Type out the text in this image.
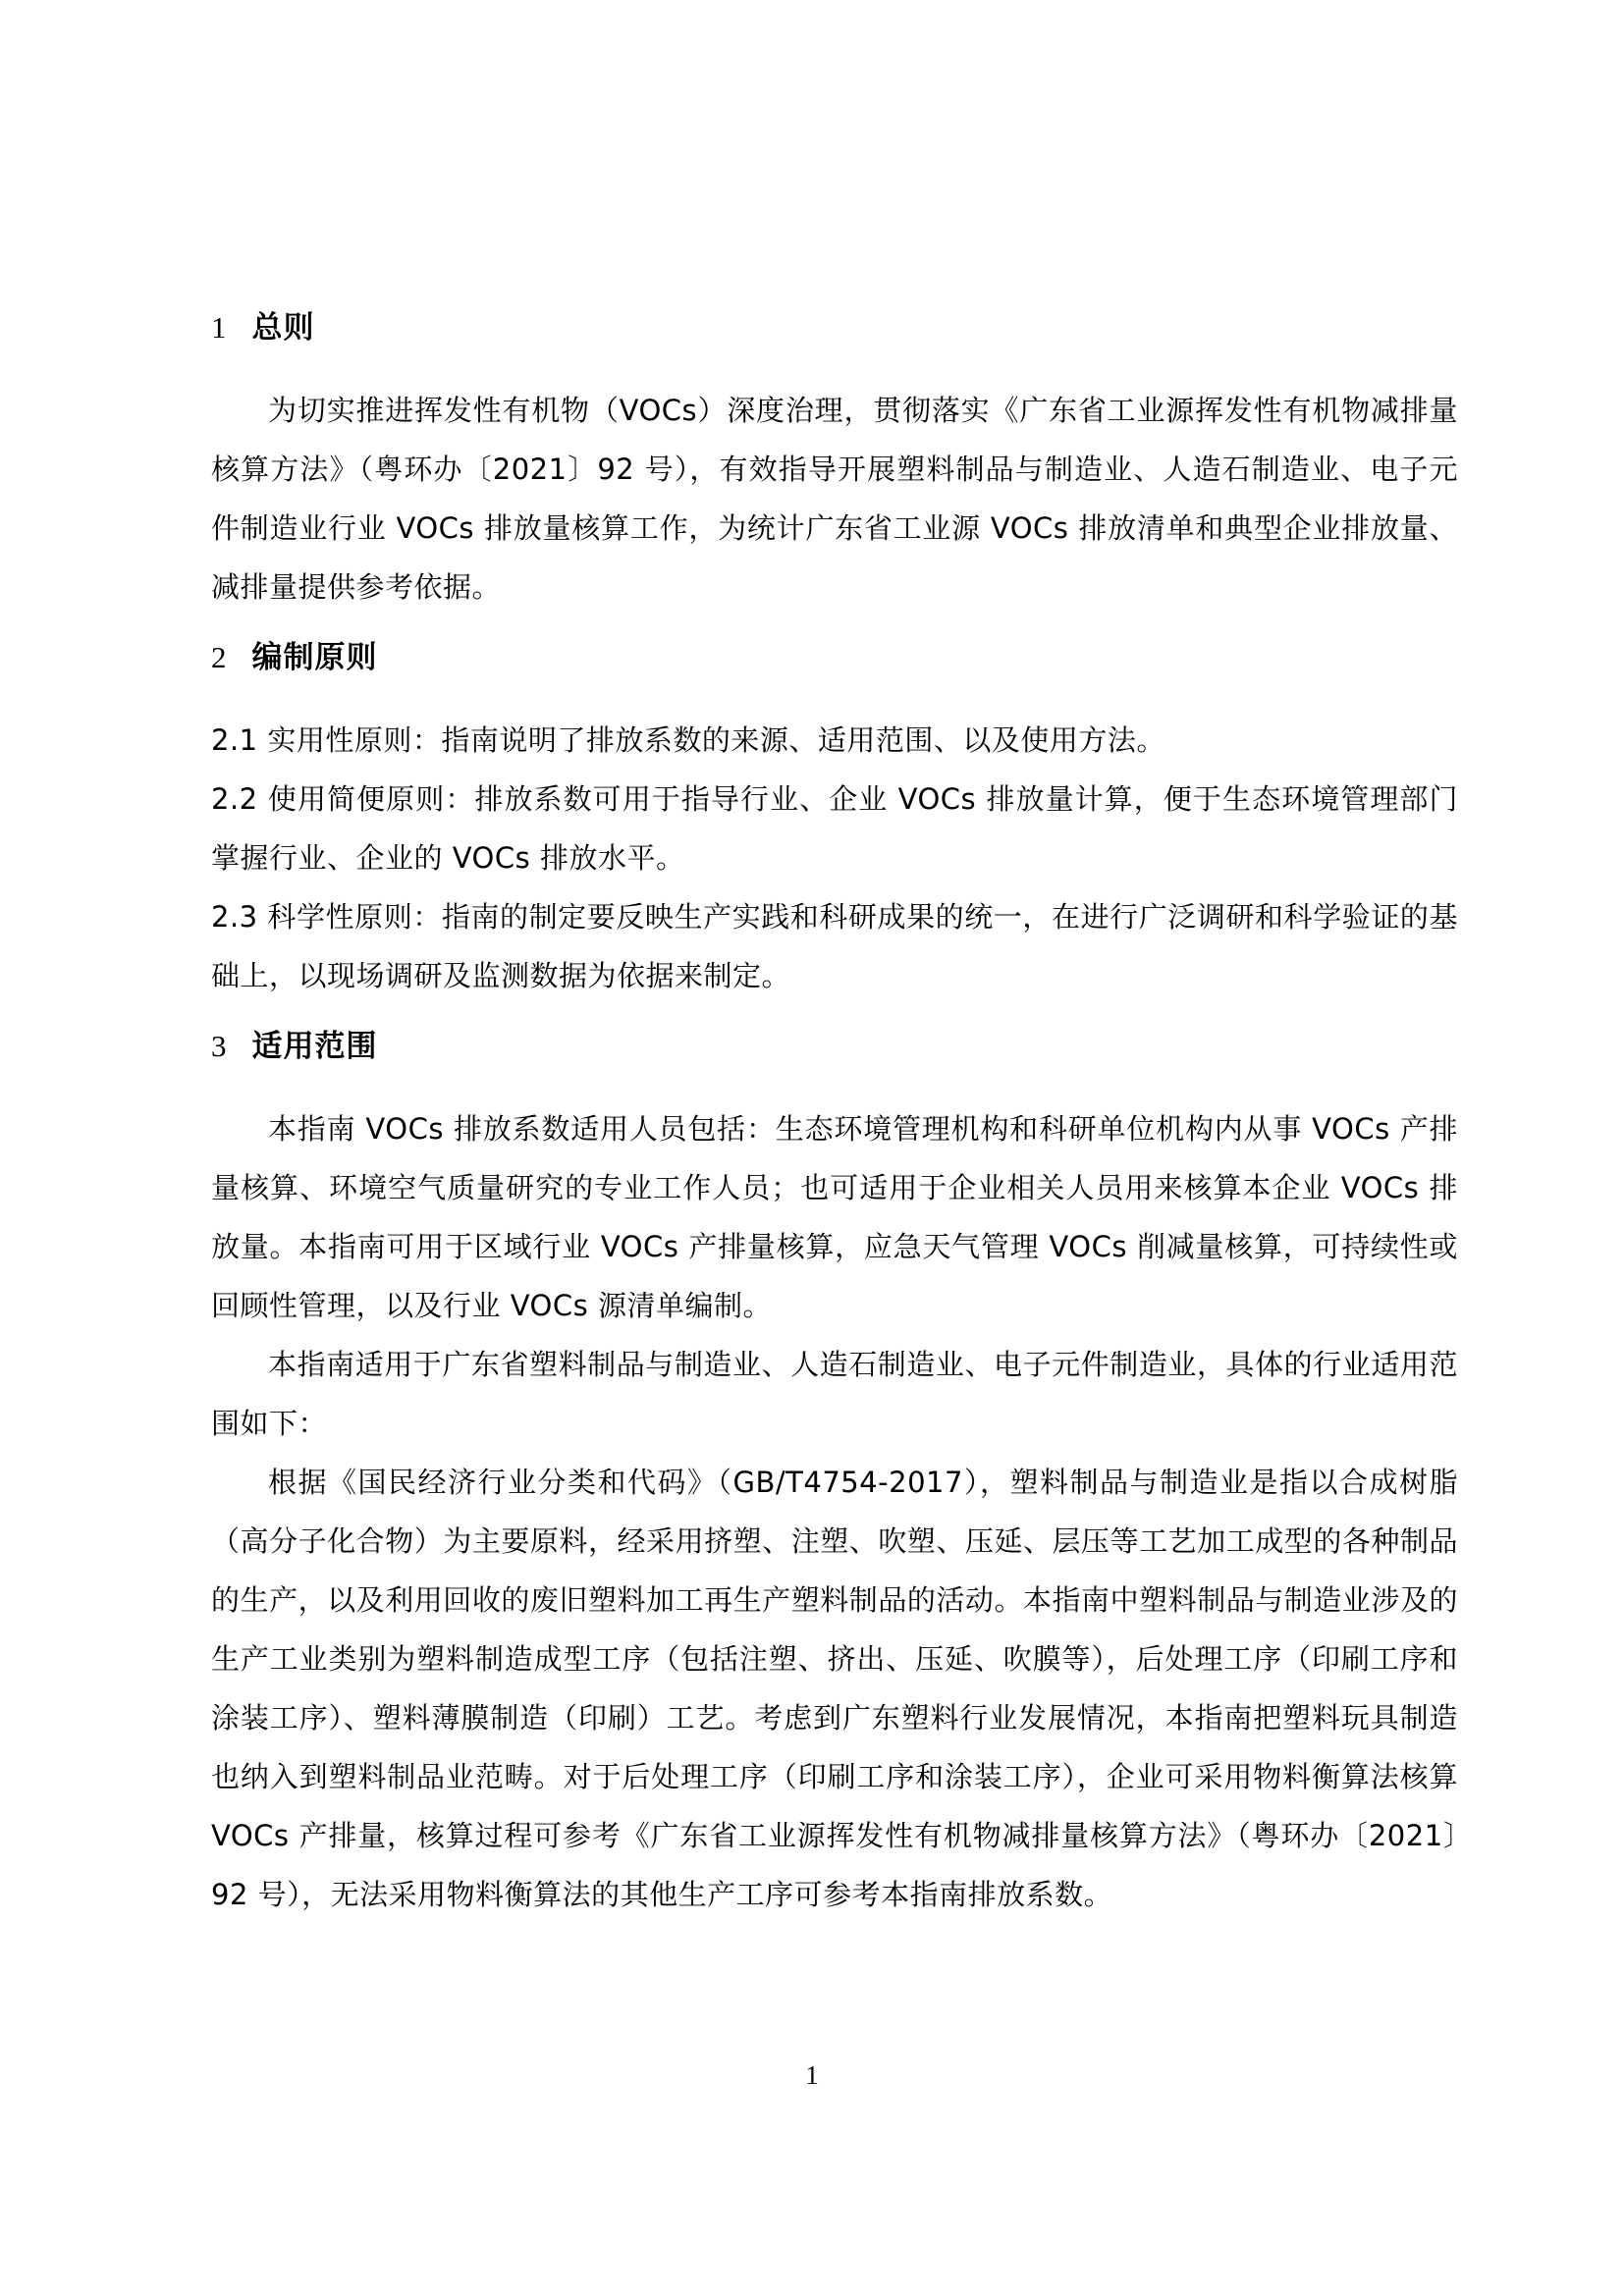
1 总则

为切实推进挥发性有机物（VOCs）深度治理，贯彻落实《广东省工业源挥发性有机物减排量核算方法》（粤环办〔2021〕92 号），有效指导开展塑料制品与制造业、人造石制造业、电子元件制造业行业 VOCs 排放量核算工作，为统计广东省工业源 VOCs 排放清单和典型企业排放量、减排量提供参考依据。

2 编制原则

2.1 实用性原则：指南说明了排放系数的来源、适用范围、以及使用方法。

2.2 使用简便原则：排放系数可用于指导行业、企业 VOCs 排放量计算，便于生态环境管理部门掌握行业、企业的 VOCs 排放水平。

2.3 科学性原则：指南的制定要反映生产实践和科研成果的统一，在进行广泛调研和科学验证的基础上，以现场调研及监测数据为依据来制定。

3 适用范围

本指南 VOCs 排放系数适用人员包括：生态环境管理机构和科研单位机构内从事 VOCs 产排量核算、环境空气质量研究的专业工作人员；也可适用于企业相关人员用来核算本企业 VOCs 排放量。本指南可用于区域行业 VOCs 产排量核算，应急天气管理 VOCs 削减量核算，可持续性或回顾性管理，以及行业 VOCs 源清单编制。

本指南适用于广东省塑料制品与制造业、人造石制造业、电子元件制造业，具体的行业适用范围如下：

根据《国民经济行业分类和代码》（GB/T4754-2017），塑料制品与制造业是指以合成树脂（高分子化合物）为主要原料，经采用挤塑、注塑、吹塑、压延、层压等工艺加工成型的各种制品的生产，以及利用回收的废旧塑料加工再生产塑料制品的活动。本指南中塑料制品与制造业涉及的生产工业类别为塑料制造成型工序（包括注塑、挤出、压延、吹膜等），后处理工序（印刷工序和涂装工序）、塑料薄膜制造（印刷）工艺。考虑到广东塑料行业发展情况，本指南把塑料玩具制造也纳入到塑料制品业范畴。对于后处理工序（印刷工序和涂装工序），企业可采用物料衡算法核算 VOCs 产排量，核算过程可参考《广东省工业源挥发性有机物减排量核算方法》（粤环办〔2021〕92 号），无法采用物料衡算法的其他生产工序可参考本指南排放系数。

1
